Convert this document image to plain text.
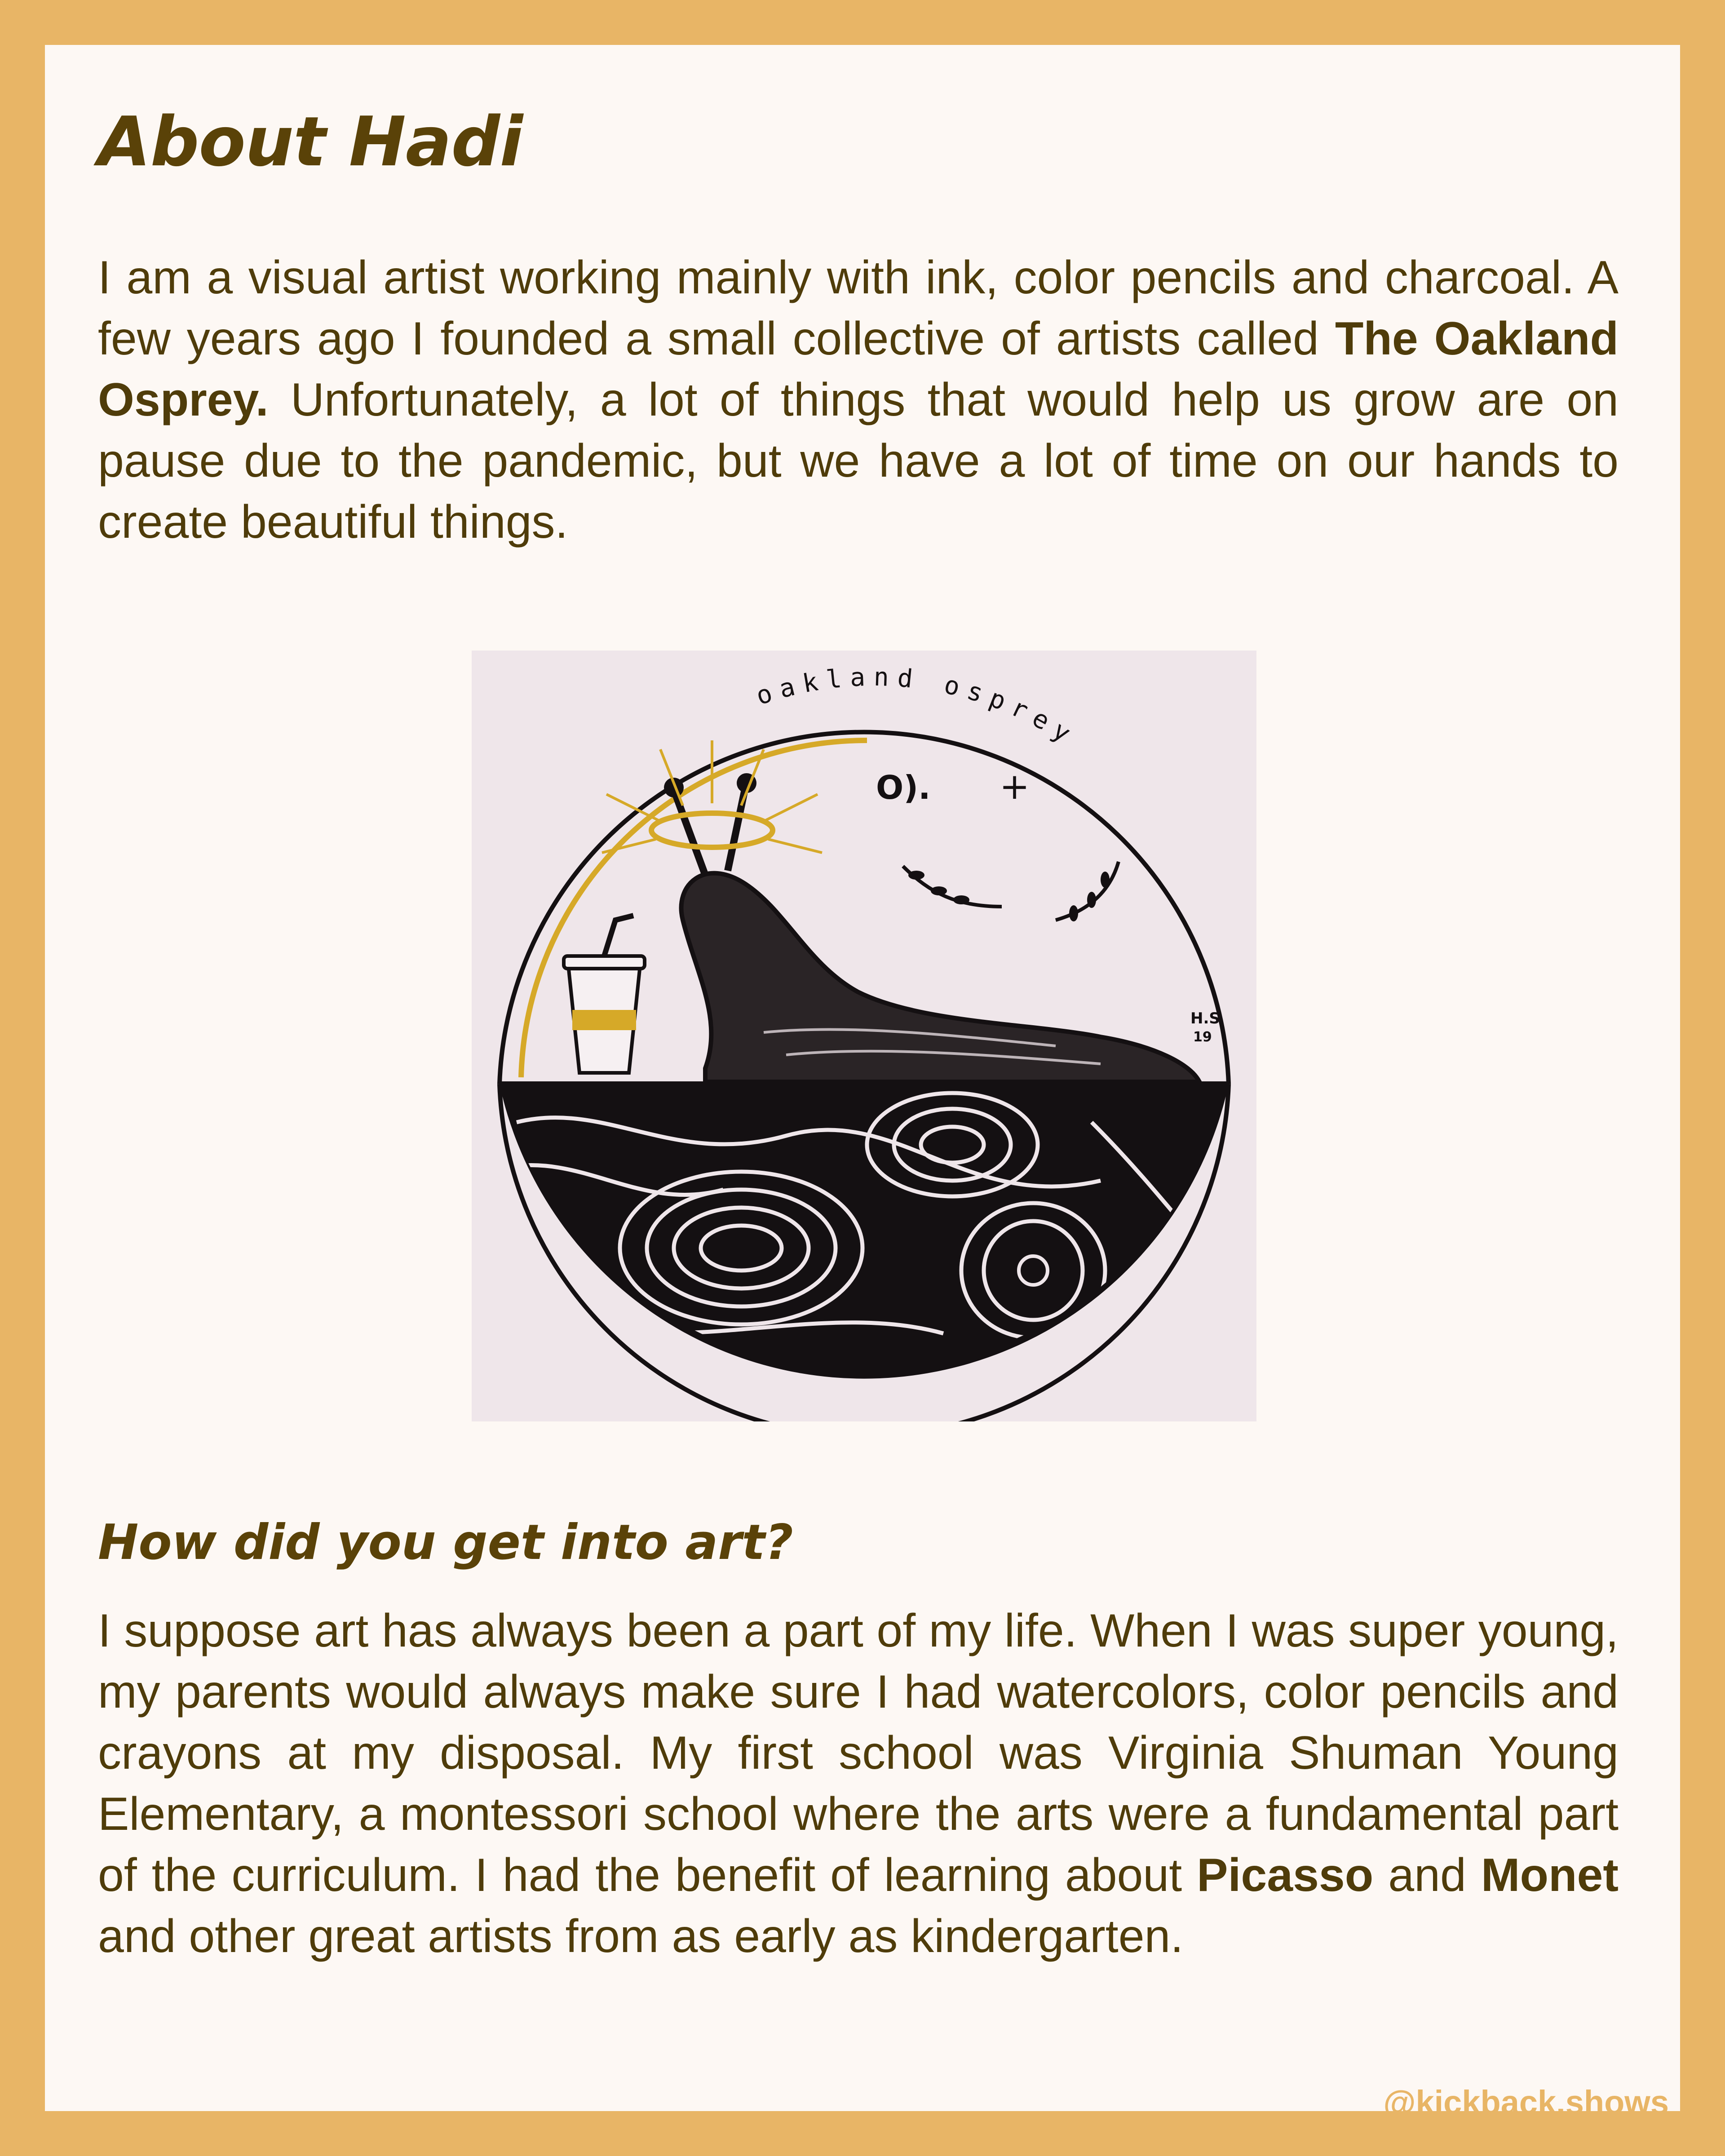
About Hadi

I am a visual artist working mainly with ink, color pencils and charcoal. A few years ago I founded a small collective of artists called The Oakland Osprey. Unfortunately, a lot of things that would help us grow are on pause due to the pandemic, but we have a lot of time on our hands to create beautiful things.

oakland osprey
O). +
H.S
19
How did you get into art?

I suppose art has always been a part of my life. When I was super young, my parents would always make sure I had watercolors, color pencils and crayons at my disposal. My first school was Virginia Shuman Young Elementary, a montessori school where the arts were a fundamental part of the curriculum. I had the benefit of learning about Picasso and Monet and other great artists from as early as kindergarten.

@kickback.shows
